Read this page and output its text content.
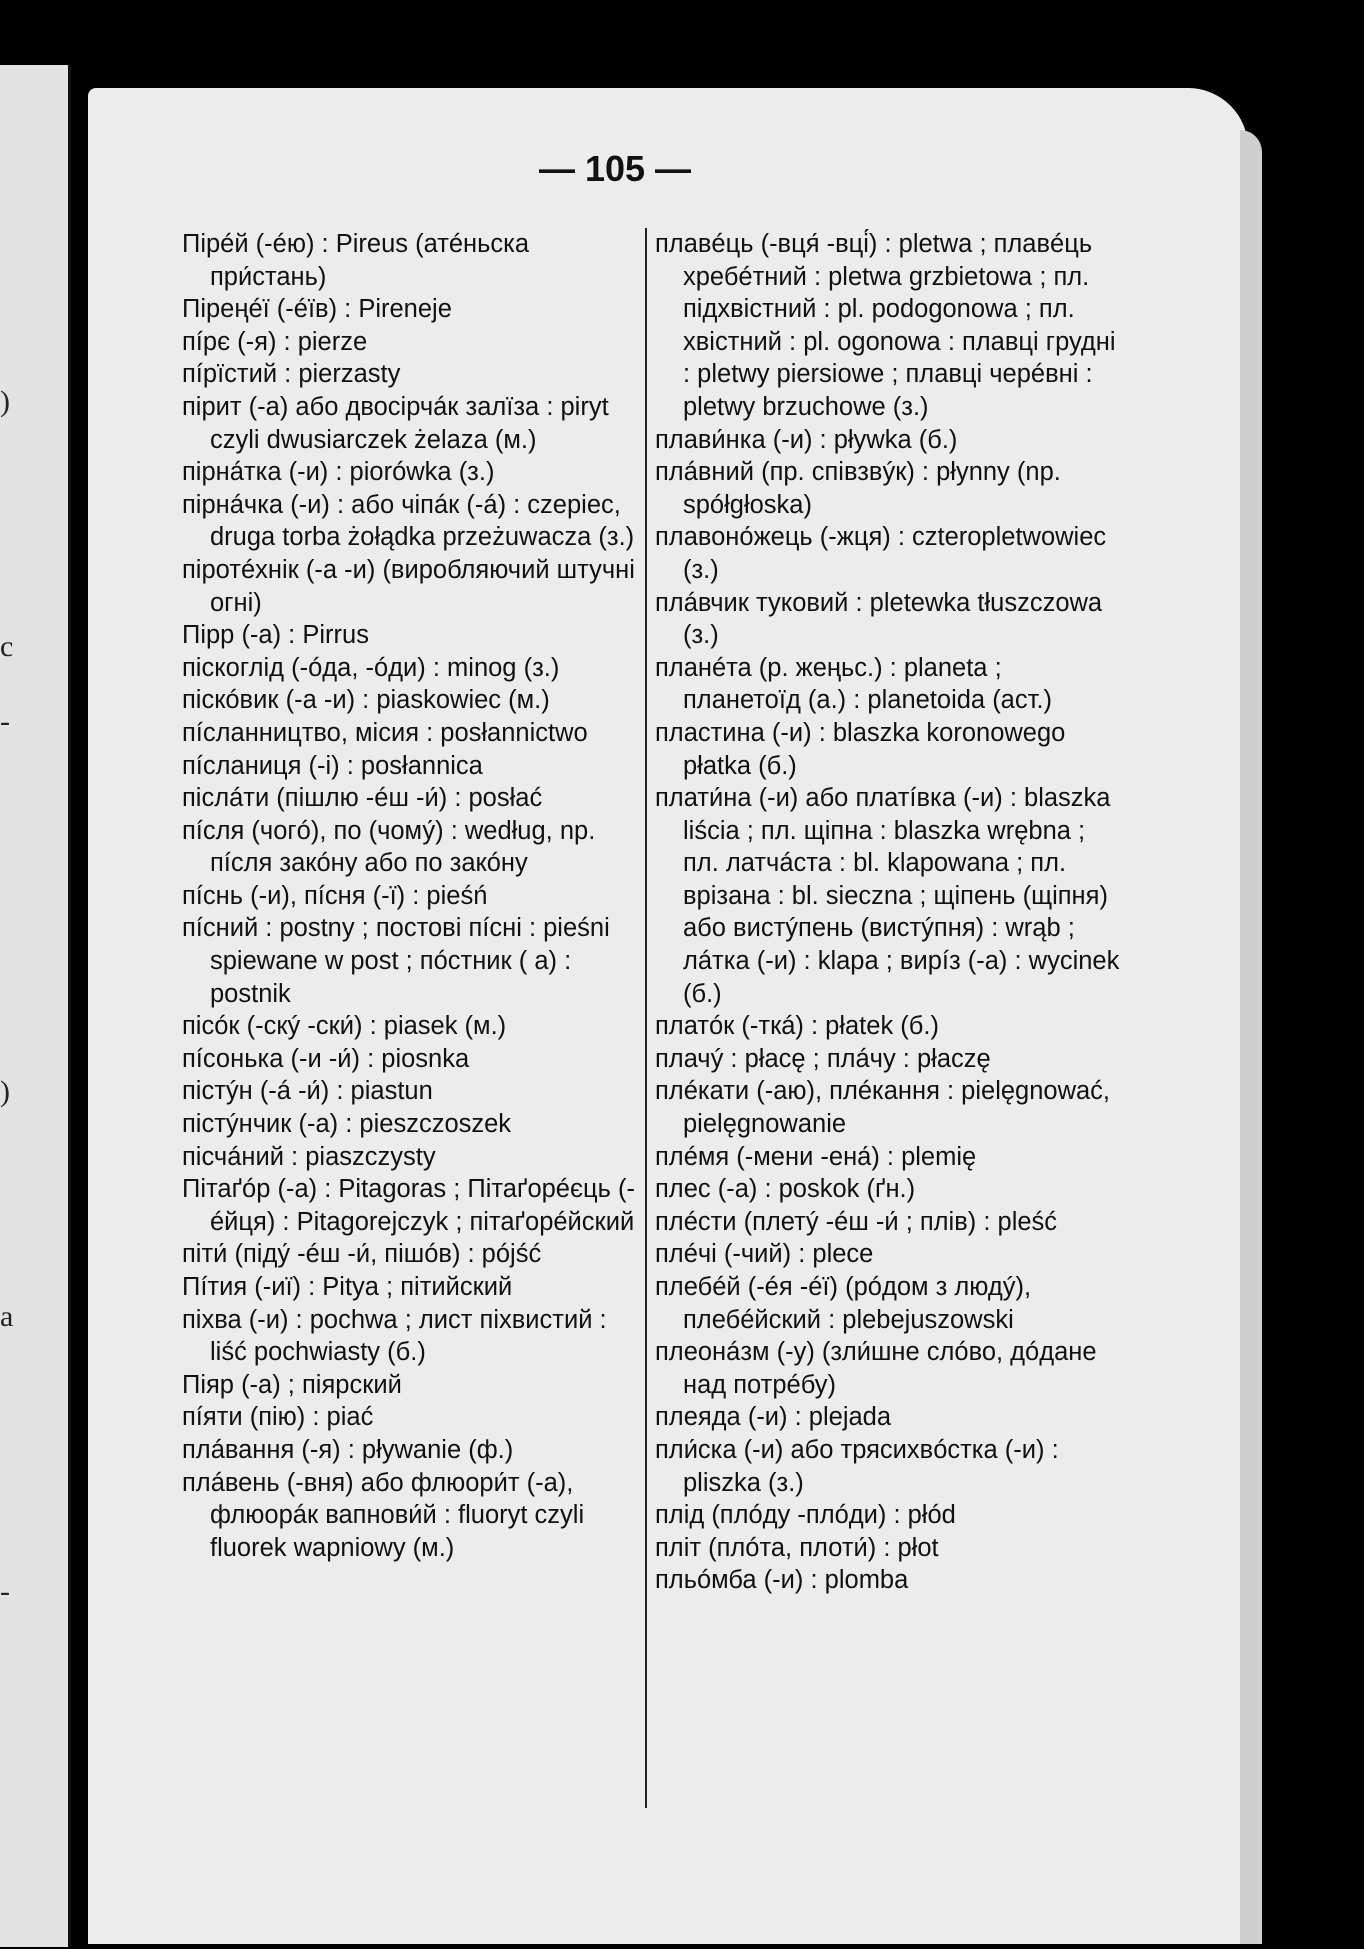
)
c
-
)
a
-
— 105 —

Пірéй (-éю) : Pireus (атéньска при́стань)

Піреңéї (-éїв) : Pireneje

пíрє (-я) : pierze

пíрїстий : pierzasty

пірит (-а) або двосірчáк залїза : piryt czyli dwusiarczek żelaza (м.)

пірнáтка (-и) : piorówka (з.)

пірнáчка (-и) : або чіпáк (-á) : czepiec, druga torba żołądka przeżuwacza (з.)

піротéхнік (-а -и) (виробляючий штучні огні)

Пірр (-а) : Pirrus

піскоглід (-óда, -óди) : minog (з.)

піскóвик (-а -и) : piaskowiec (м.)

пíсланництво, місия : posłannictwo

пíсланиця (-і) : posłannica

післáти (пішлю -éш -и́) : posłać

пíсля (чогó), по (чому́) : według, np. пíсля закóну або по закóну

пíснь (-и), пíсня (-ї) : pieśń

пíсний : postny ; постові пíсні : pieśni spiewane w post ; пóстник ( а) : postnik

пісóк (-скý -ски́) : piasek (м.)

пíсонька (-и -и́) : piosnka

пістýн (-á -и́) : piastun

пістýнчик (-а) : pieszczoszek

пісчáний : piaszczysty

Пітаґóр (-а) : Pitagoras ; Пітаґорéєць (-éйця) : Pitagorejczyk ; пітаґорéйский

піти́ (піду́ -éш -и́, пішóв) : pójść

Пíтия (-иї) : Pitya ; пітийский

піхва (-и) : pochwa ; лист піхвистий : liść pochwiasty (б.)

Піяр (-а) ; піярский

пíяти (пію) : piać

плáвання (-я) : pływanie (ф.)

плáвень (-вня) або флюори́т (-а), флюорáк вапнови́й : fluoryt czyli fluorek wapniowy (м.)

плавéць (-вця́ -вці́) : pletwa ; плавéць хребéтний : pletwa grzbietowa ; пл. підхвістний : pl. podogonowa ; пл. хвістний : pl. ogonowa : плавці грудні : pletwy piersiowe ; плавці черéвні : pletwy brzuchowe (з.)

плави́нка (-и) : pływka (б.)

плáвний (пр. співзвýк) : płynny (np. spółgłoska)

плавоно́жець (-жця) : czteropletwowiec (з.)

плáвчик туковий : pletewka tłuszczowa (з.)

планéта (р. жеңьс.) : planeta ; планетоїд (а.) : planetoida (аст.)

пластина (-и) : blaszka koronowego płatka (б.)

плати́на (-и) або платíвка (-и) : blaszka liścia ; пл. щіпна : blaszka wrębna ; пл. латчáста : bl. klapowana ; пл. врізана : bl. sieczna ; щіпень (щіпня) або вистýпень (вистýпня) : wrąb ; лáтка (-и) : klapa ; вирíз (-а) : wycinek (б.)

платóк (-ткá) : płatek (б.)

плачý : płacę ; плáчу : płaczę

плéкати (-аю), плéкання : pielęgnować, pielęgnowanie

плéмя (-мени -ена́) : plemię

плес (-а) : poskok (ґн.)

плéсти (плетý -éш -и́ ; плів) : pleść

плéчі (-чий) : plece

плебéй (-éя -éї) (рóдом з людý), плебéйский : plebejuszowski

плеонáзм (-у) (зли́шне слóво, дóдане над потрéбу)

плеяда (-и) : plejada

пли́ска (-и) або трясихвóстка (-и) : pliszka (з.)

плід (плóду -плóди) : płód

пліт (плóта, плоти́) : płot

пльóмба (-и) : plomba
